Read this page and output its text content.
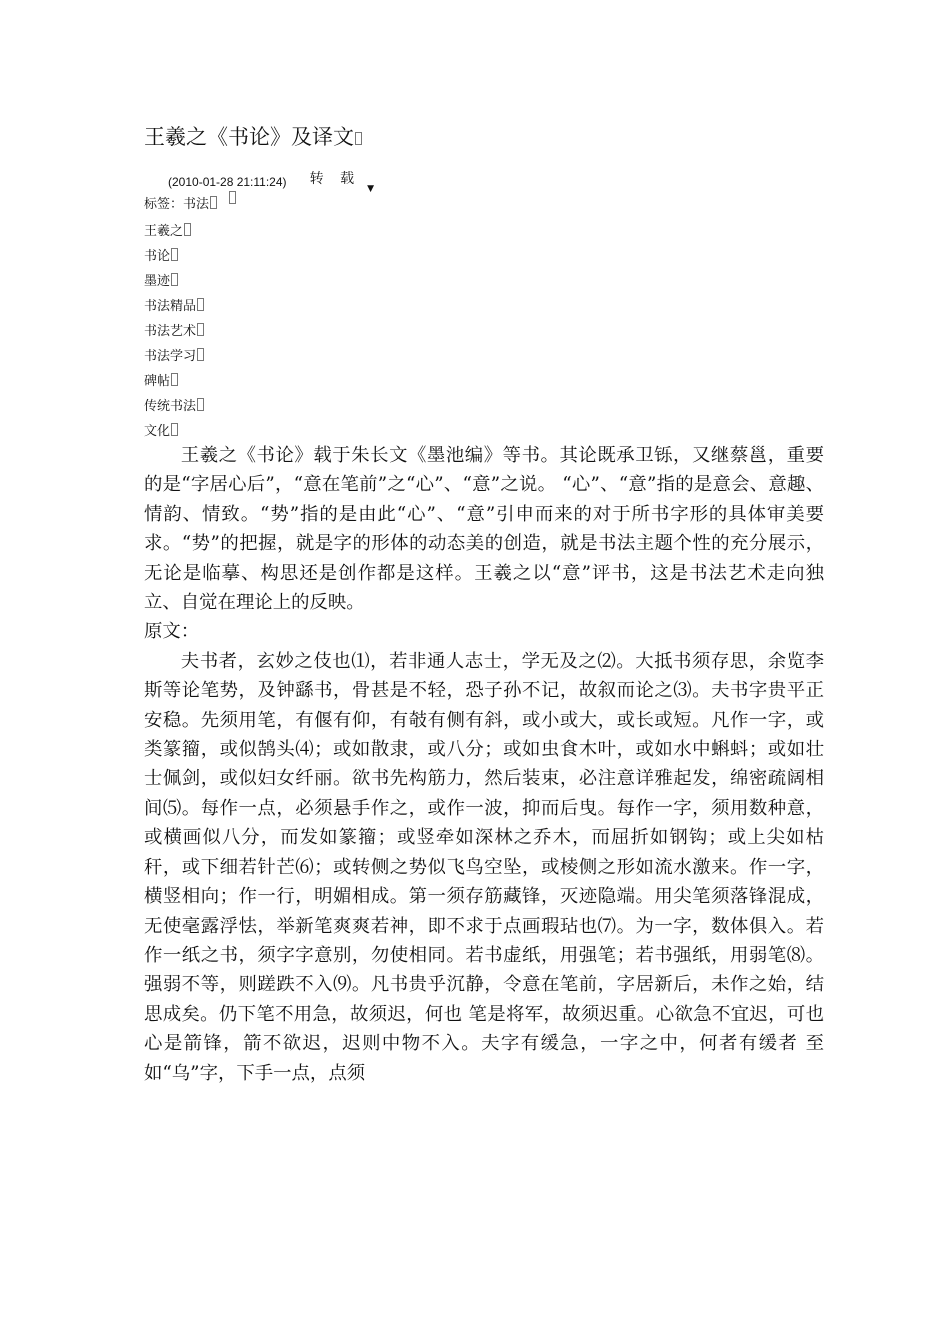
王羲之《书论》及译文
$^{(2010-01-28 21:11:24)}$ 转 载 ▼
标签：书法
王羲之
书论
墨迹
书法精品
书法艺术
书法学习
碑帖
传统书法
文化

王羲之《书论》载于朱长文《墨池编》等书。其论既承卫铄，又继蔡邕，重要的是“字居心后”，“意在笔前”之“心”、“意”之说。 “心”、“意”指的是意会、意趣、情韵、情致。“势”指的是由此“心”、“意”引申而来的对于所书字形的具体审美要求。“势”的把握，就是字的形体的动态美的创造，就是书法主题个性的充分展示，无论是临摹、构思还是创作都是这样。王羲之以“意”评书，这是书法艺术走向独立、自觉在理论上的反映。

原文：

夫书者，玄妙之伎也⑴，若非通人志士，学无及之⑵。大抵书须存思，余览李斯等论笔势，及钟繇书，骨甚是不轻，恐子孙不记，故叙而论之⑶。夫书字贵平正安稳。先须用笔，有偃有仰，有攲有侧有斜，或小或大，或长或短。凡作一字，或类篆籀，或似鹄头⑷；或如散隶，或八分；或如虫食木叶，或如水中蝌蚪；或如壮士佩剑，或似妇女纤丽。欲书先构筋力，然后装束，必注意详雅起发，绵密疏阔相间⑸。每作一点，必须悬手作之，或作一波，抑而后曳。每作一字，须用数种意，或横画似八分，而发如篆籀；或竖牵如深林之乔木，而屈折如钢钩；或上尖如枯秆，或下细若针芒⑹；或转侧之势似飞鸟空坠，或棱侧之形如流水激来。作一字，横竖相向；作一行，明媚相成。第一须存筋藏锋，灭迹隐端。用尖笔须落锋混成，无使毫露浮怯，举新笔爽爽若神，即不求于点画瑕玷也⑺。为一字，数体俱入。若作一纸之书，须字字意别，勿使相同。若书虚纸，用强笔；若书强纸，用弱笔⑻。强弱不等，则蹉跌不入⑼。凡书贵乎沉静，令意在笔前，字居新后，未作之始，结思成矣。仍下笔不用急，故须迟，何也 笔是将军，故须迟重。心欲急不宜迟，可也 心是箭锋，箭不欲迟，迟则中物不入。夫字有缓急，一字之中，何者有缓者 至如“乌”字，下手一点，点须
